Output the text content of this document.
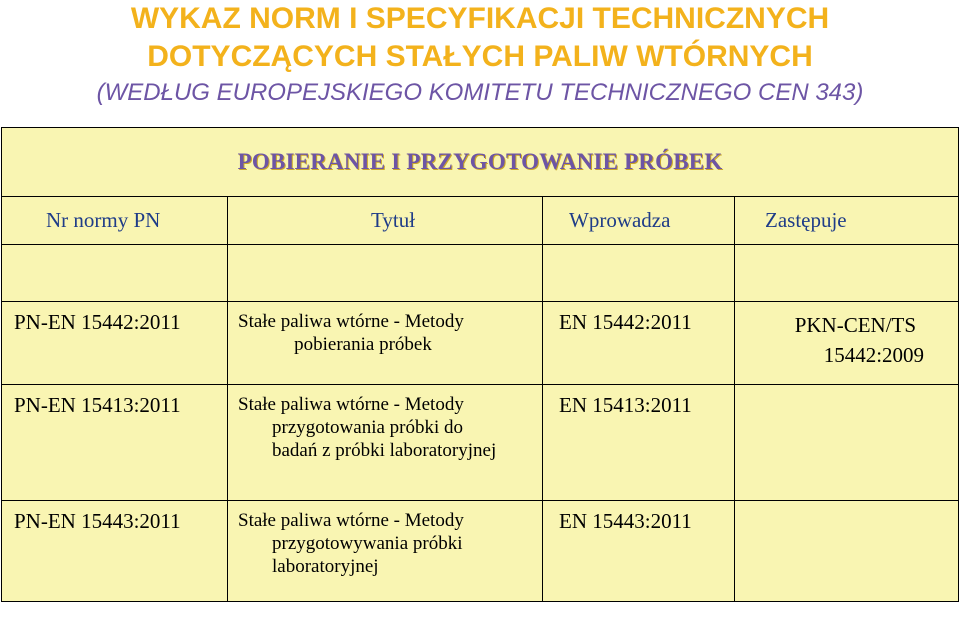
WYKAZ NORM I SPECYFIKACJI TECHNICZNYCH
DOTYCZĄCYCH STAŁYCH PALIW WTÓRNYCH
(WEDŁUG EUROPEJSKIEGO KOMITETU TECHNICZNEGO CEN 343)
POBIERANIE I PRZYGOTOWANIE PRÓBEK			
Nr normy PN	Tytuł	Wprowadza	Zastępuje

PN-EN 15442:2011	Stałe paliwa wtórne - Metody
pobierania próbek	EN 15442:2011	PKN-CEN/TS
15442:2009

PN-EN 15413:2011	Stałe paliwa wtórne - Metody
przygotowania próbki do
badań z próbki laboratoryjnej	EN 15413:2011	

PN-EN 15443:2011	Stałe paliwa wtórne - Metody
przygotowywania próbki
laboratoryjnej	EN 15443:2011	
